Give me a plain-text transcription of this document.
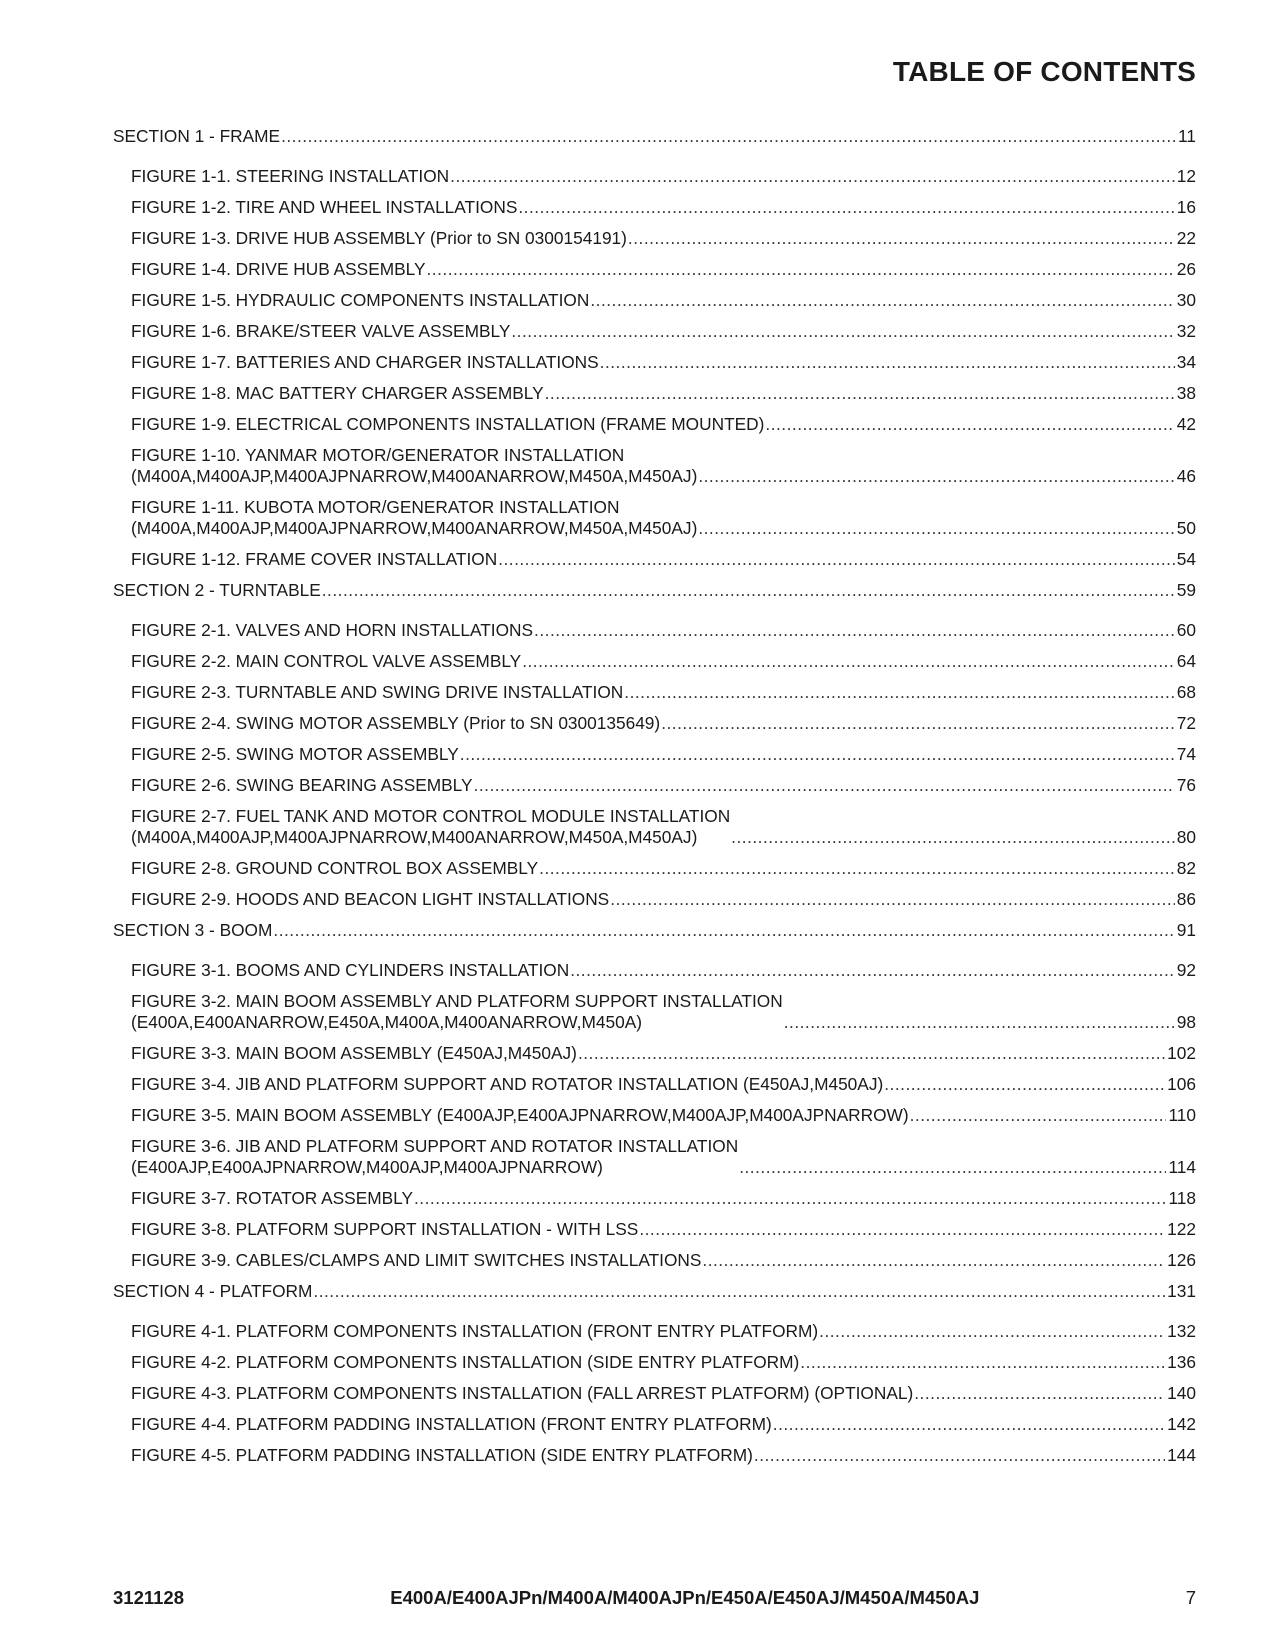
TABLE OF CONTENTS
SECTION 1 - FRAME .....	11
FIGURE 1-1. STEERING INSTALLATION .....	12
FIGURE 1-2. TIRE AND WHEEL INSTALLATIONS .....	16
FIGURE 1-3. DRIVE HUB ASSEMBLY (Prior to SN 0300154191) .....	22
FIGURE 1-4. DRIVE HUB ASSEMBLY .....	26
FIGURE 1-5. HYDRAULIC COMPONENTS INSTALLATION .....	30
FIGURE 1-6. BRAKE/STEER VALVE ASSEMBLY .....	32
FIGURE 1-7. BATTERIES AND CHARGER INSTALLATIONS .....	34
FIGURE 1-8. MAC BATTERY CHARGER ASSEMBLY .....	38
FIGURE 1-9. ELECTRICAL COMPONENTS INSTALLATION (FRAME MOUNTED) .....	42
FIGURE 1-10. YANMAR MOTOR/GENERATOR INSTALLATION
(M400A,M400AJP,M400AJPNARROW,M400ANARROW,M450A,M450AJ) .....	46
FIGURE 1-11. KUBOTA MOTOR/GENERATOR INSTALLATION
(M400A,M400AJP,M400AJPNARROW,M400ANARROW,M450A,M450AJ) .....	50
FIGURE 1-12. FRAME COVER INSTALLATION .....	54
SECTION 2 - TURNTABLE .....	59
FIGURE 2-1. VALVES AND HORN INSTALLATIONS .....	60
FIGURE 2-2. MAIN CONTROL VALVE ASSEMBLY .....	64
FIGURE 2-3. TURNTABLE AND SWING DRIVE INSTALLATION .....	68
FIGURE 2-4. SWING MOTOR ASSEMBLY (Prior to SN 0300135649) .....	72
FIGURE 2-5. SWING MOTOR ASSEMBLY .....	74
FIGURE 2-6. SWING BEARING ASSEMBLY .....	76
FIGURE 2-7. FUEL TANK AND MOTOR CONTROL MODULE INSTALLATION
(M400A,M400AJP,M400AJPNARROW,M400ANARROW,M450A,M450AJ) .....	80
FIGURE 2-8. GROUND CONTROL BOX ASSEMBLY .....	82
FIGURE 2-9. HOODS AND BEACON LIGHT INSTALLATIONS .....	86
SECTION 3 - BOOM .....	91
FIGURE 3-1. BOOMS AND CYLINDERS INSTALLATION .....	92
FIGURE 3-2. MAIN BOOM ASSEMBLY AND PLATFORM SUPPORT INSTALLATION
(E400A,E400ANARROW,E450A,M400A,M400ANARROW,M450A) .....	98
FIGURE 3-3. MAIN BOOM ASSEMBLY (E450AJ,M450AJ) .....	102
FIGURE 3-4. JIB AND PLATFORM SUPPORT AND ROTATOR INSTALLATION (E450AJ,M450AJ) .....	106
FIGURE 3-5. MAIN BOOM ASSEMBLY (E400AJP,E400AJPNARROW,M400AJP,M400AJPNARROW) .....	110
FIGURE 3-6. JIB AND PLATFORM SUPPORT AND ROTATOR INSTALLATION
(E400AJP,E400AJPNARROW,M400AJP,M400AJPNARROW) .....	114
FIGURE 3-7. ROTATOR ASSEMBLY .....	118
FIGURE 3-8. PLATFORM SUPPORT INSTALLATION - WITH LSS .....	122
FIGURE 3-9. CABLES/CLAMPS AND LIMIT SWITCHES INSTALLATIONS .....	126
SECTION 4 - PLATFORM .....	131
FIGURE 4-1. PLATFORM COMPONENTS INSTALLATION (FRONT ENTRY PLATFORM) .....	132
FIGURE 4-2. PLATFORM COMPONENTS INSTALLATION (SIDE ENTRY PLATFORM) .....	136
FIGURE 4-3. PLATFORM COMPONENTS INSTALLATION (FALL ARREST PLATFORM) (OPTIONAL) .....	140
FIGURE 4-4. PLATFORM PADDING INSTALLATION (FRONT ENTRY PLATFORM) .....	142
FIGURE 4-5. PLATFORM PADDING INSTALLATION (SIDE ENTRY PLATFORM) .....	144
3121128	E400A/E400AJPn/M400A/M400AJPn/E450A/E450AJ/M450A/M450AJ	7
